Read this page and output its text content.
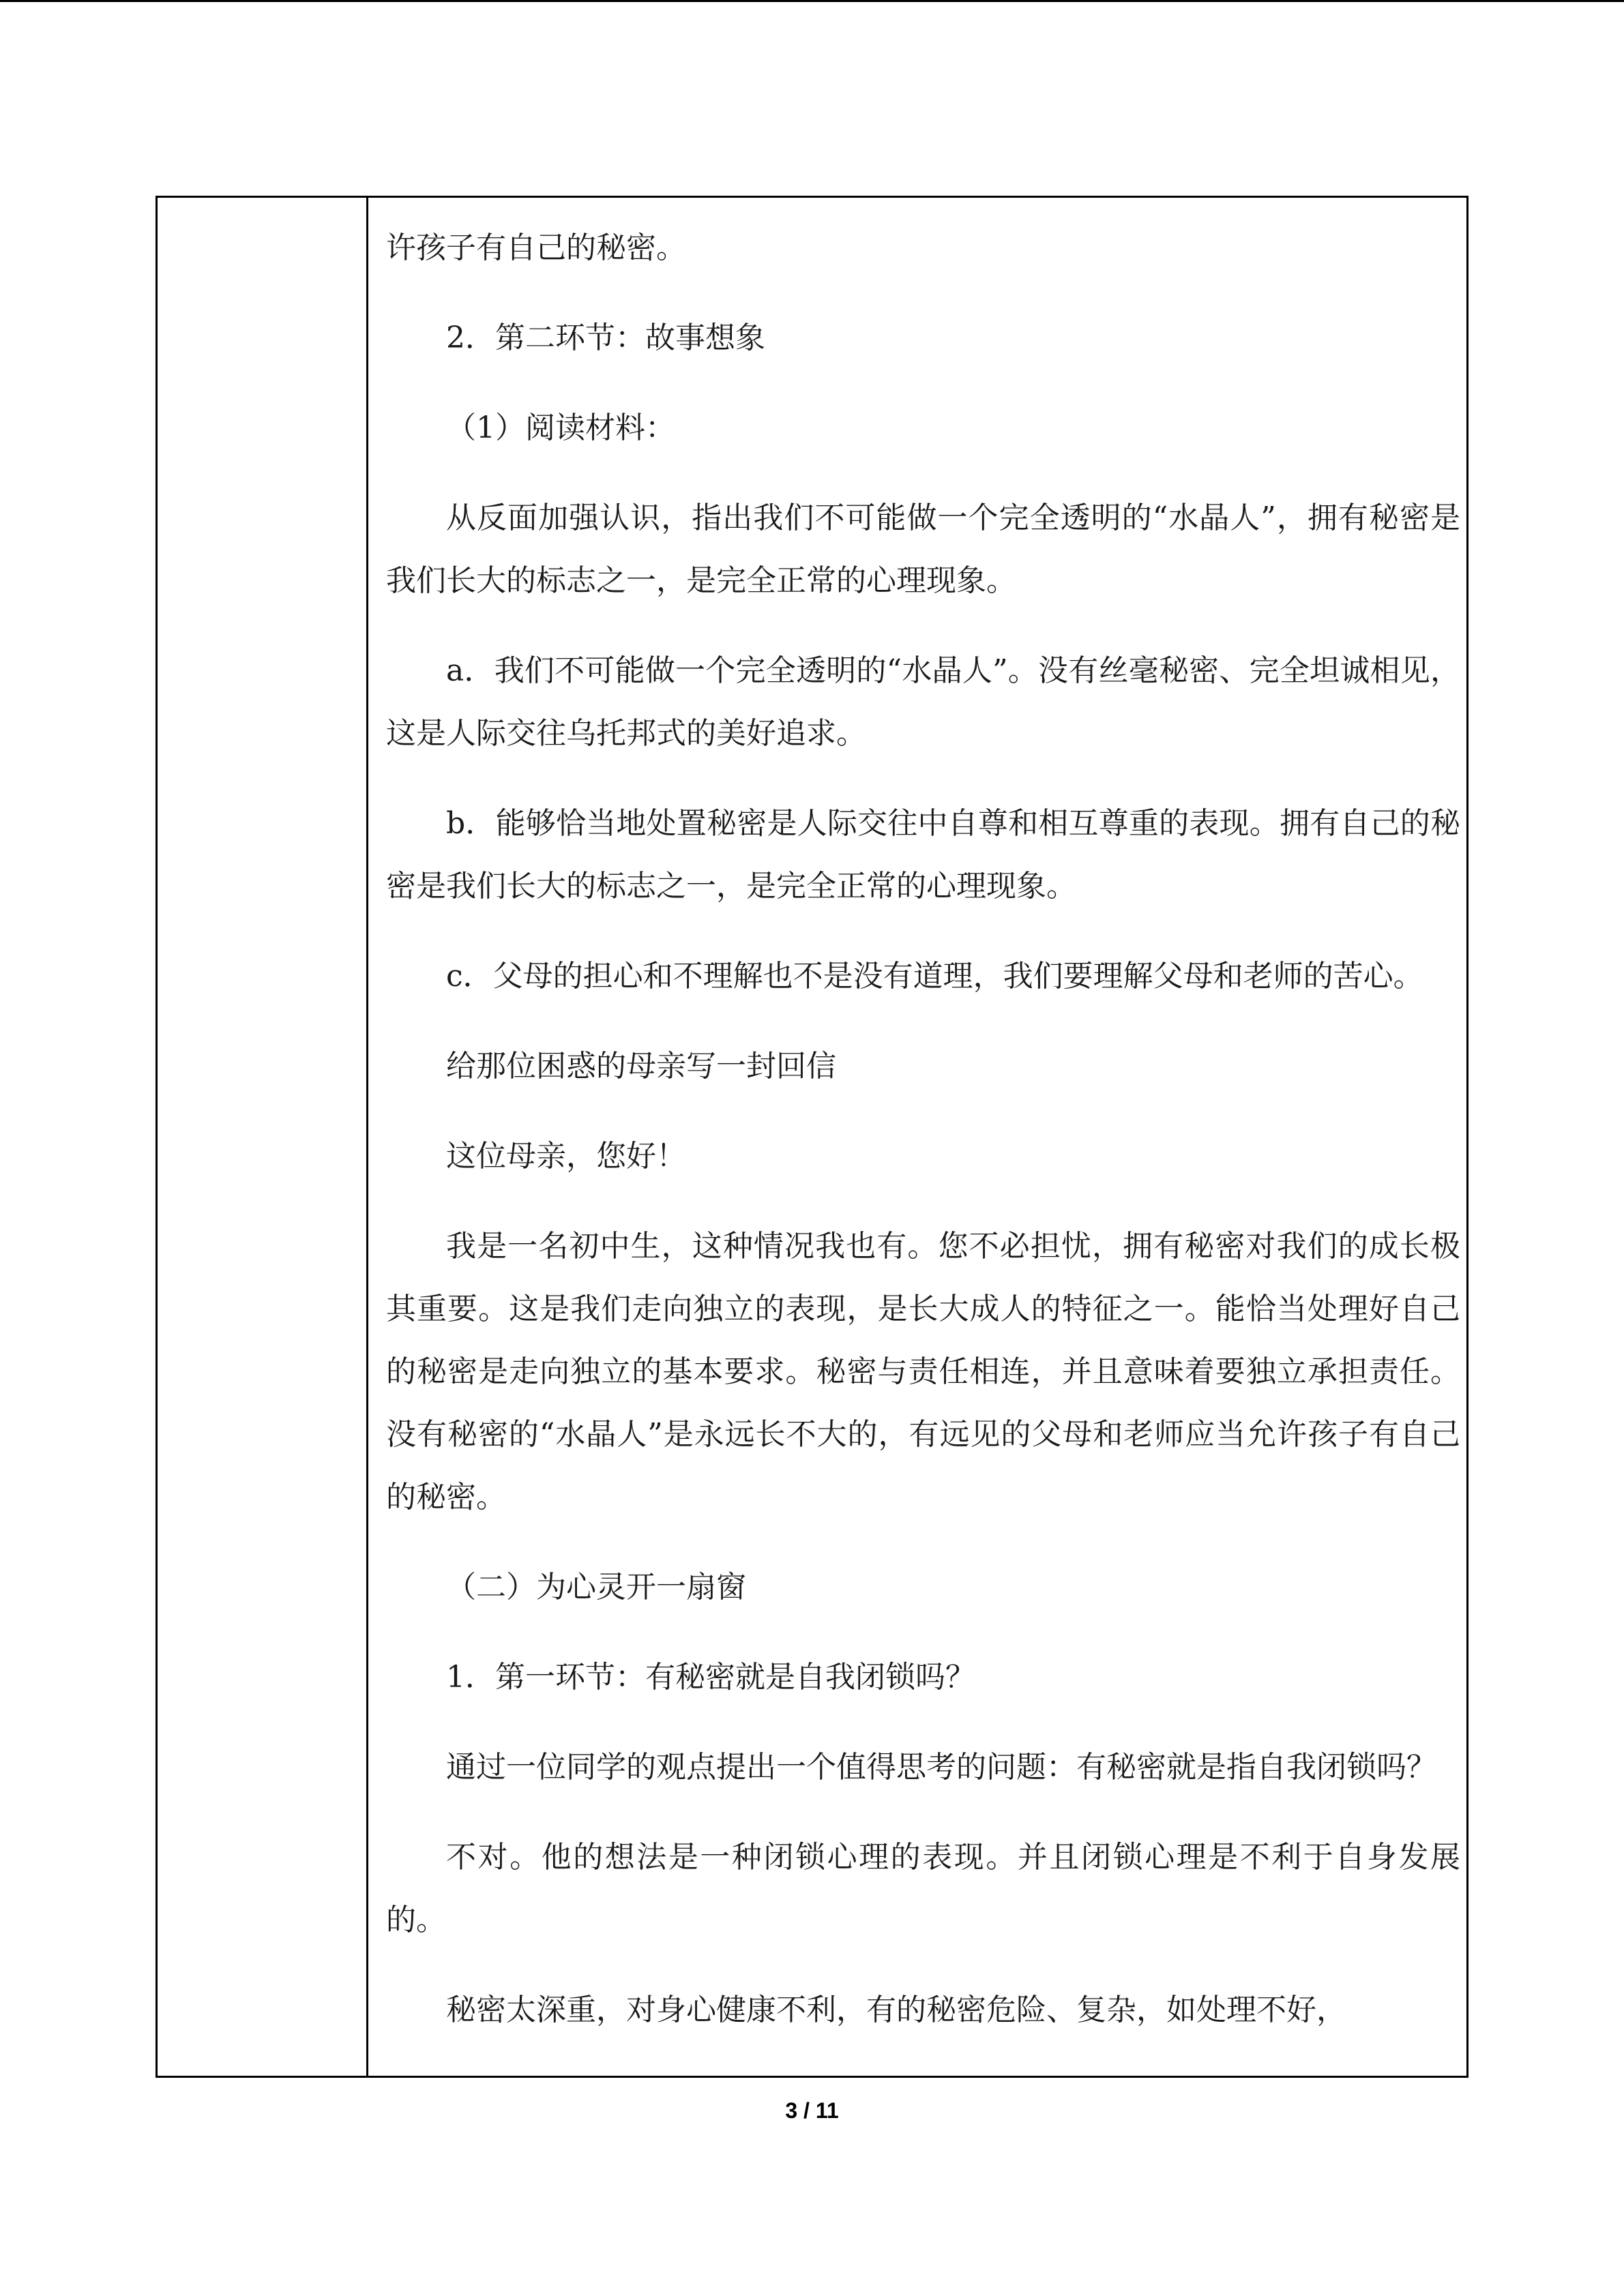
许孩子有自己的秘密。

2．第二环节：故事想象

（1）阅读材料：

从反面加强认识，指出我们不可能做一个完全透明的“水晶人”，拥有秘密是我们长大的标志之一，是完全正常的心理现象。

a．我们不可能做一个完全透明的“水晶人”。没有丝毫秘密、完全坦诚相见，这是人际交往乌托邦式的美好追求。

b．能够恰当地处置秘密是人际交往中自尊和相互尊重的表现。拥有自己的秘密是我们长大的标志之一，是完全正常的心理现象。

c．父母的担心和不理解也不是没有道理，我们要理解父母和老师的苦心。

给那位困惑的母亲写一封回信

这位母亲，您好！

我是一名初中生，这种情况我也有。您不必担忧，拥有秘密对我们的成长极其重要。这是我们走向独立的表现，是长大成人的特征之一。能恰当处理好自己的秘密是走向独立的基本要求。秘密与责任相连，并且意味着要独立承担责任。没有秘密的“水晶人”是永远长不大的，有远见的父母和老师应当允许孩子有自己的秘密。

（二）为心灵开一扇窗

1．第一环节：有秘密就是自我闭锁吗？

通过一位同学的观点提出一个值得思考的问题：有秘密就是指自我闭锁吗？

不对。他的想法是一种闭锁心理的表现。并且闭锁心理是不利于自身发展的。

秘密太深重，对身心健康不利，有的秘密危险、复杂，如处理不好，

3 / 11
